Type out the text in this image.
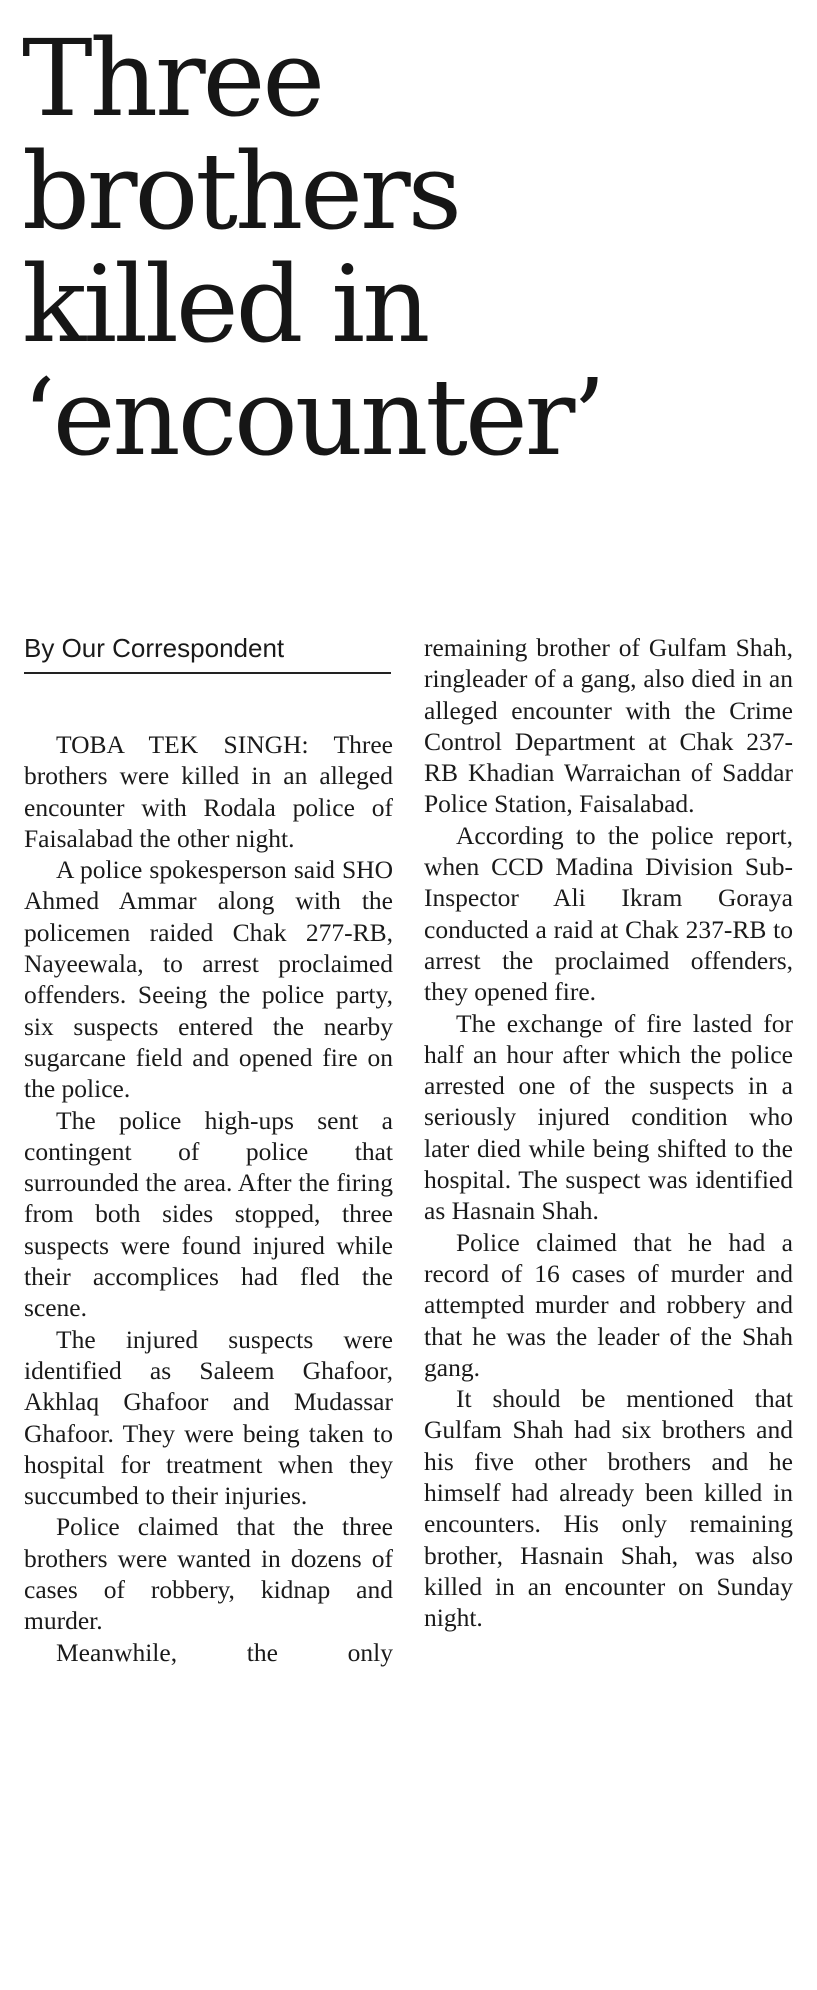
Three
brothers
killed in
‘encounter’
By Our Correspondent

TOBA TEK SINGH: Three brothers were killed in an alleged encounter with Rodala police of Faisalabad the other night.

A police spokesperson said SHO Ahmed Ammar along with the policemen raided Chak 277-RB, Nayeewala, to arrest proclaimed offenders. Seeing the police party, six suspects entered the nearby sugarcane field and opened fire on the police.

The police high-ups sent a contingent of police that surrounded the area. After the firing from both sides stopped, three suspects were found injured while their accomplices had fled the scene.

The injured suspects were identified as Saleem Ghafoor, Akhlaq Ghafoor and Mudassar Ghafoor. They were being taken to hospital for treatment when they succumbed to their injuries.

Police claimed that the three brothers were wanted in dozens of cases of robbery, kidnap and murder.

Meanwhile, the only

remaining brother of Gulfam Shah, ringleader of a gang, also died in an alleged encounter with the Crime Control Department at Chak 237-RB Khadian Warraichan of Saddar Police Station, Faisalabad.

According to the police report, when CCD Madina Division Sub-Inspector Ali Ikram Goraya conducted a raid at Chak 237-RB to arrest the proclaimed offenders, they opened fire.

The exchange of fire lasted for half an hour after which the police arrested one of the suspects in a seriously injured condition who later died while being shifted to the hospital. The suspect was identified as Hasnain Shah.

Police claimed that he had a record of 16 cases of murder and attempted murder and robbery and that he was the leader of the Shah gang.

It should be mentioned that Gulfam Shah had six brothers and his five other brothers and he himself had already been killed in encounters. His only remaining brother, Hasnain Shah, was also killed in an encounter on Sunday night.
